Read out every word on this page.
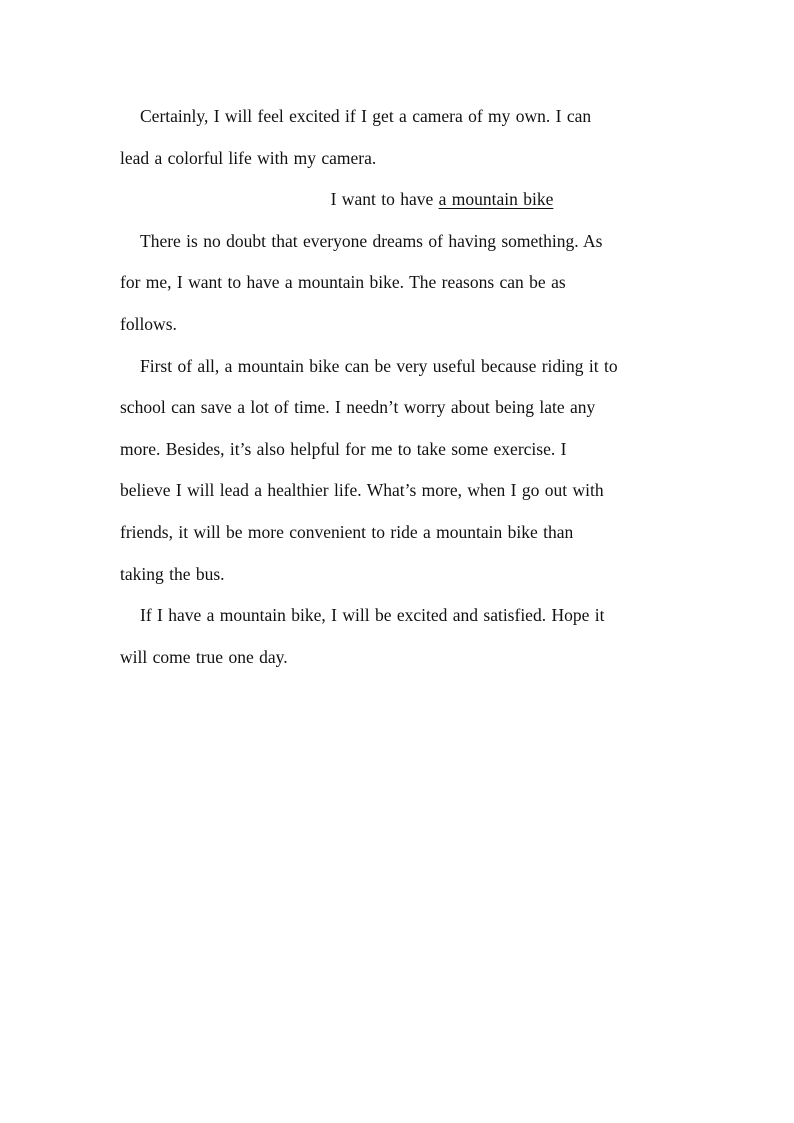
Certainly, I will feel excited if I get a camera of my own. I can
lead a colorful life with my camera.

I want to have a mountain bike

There is no doubt that everyone dreams of having something. As
for me, I want to have a mountain bike. The reasons can be as
follows.

First of all, a mountain bike can be very useful because riding it to
school can save a lot of time. I needn’t worry about being late any
more. Besides, it’s also helpful for me to take some exercise. I
believe I will lead a healthier life. What’s more, when I go out with
friends, it will be more convenient to ride a mountain bike than
taking the bus.

If I have a mountain bike, I will be excited and satisfied. Hope it
will come true one day.
